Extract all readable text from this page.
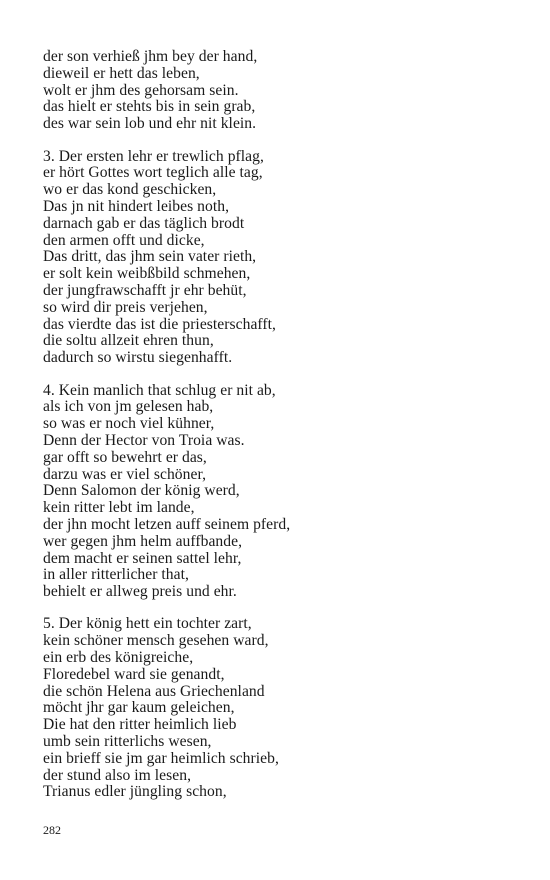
der son verhieß jhm bey der hand,
dieweil er hett das leben,
wolt er jhm des gehorsam sein.
das hielt er stehts bis in sein grab,
des war sein lob und ehr nit klein.
3. Der ersten lehr er trewlich pflag,
er hört Gottes wort teglich alle tag,
wo er das kond geschicken,
Das jn nit hindert leibes noth,
darnach gab er das täglich brodt
den armen offt und dicke,
Das dritt, das jhm sein vater rieth,
er solt kein weibßbild schmehen,
der jungfrawschafft jr ehr behüt,
so wird dir preis verjehen,
das vierdte das ist die priesterschafft,
die soltu allzeit ehren thun,
dadurch so wirstu siegenhafft.
4. Kein manlich that schlug er nit ab,
als ich von jm gelesen hab,
so was er noch viel kühner,
Denn der Hector von Troia was.
gar offt so bewehrt er das,
darzu was er viel schöner,
Denn Salomon der könig werd,
kein ritter lebt im lande,
der jhn mocht letzen auff seinem pferd,
wer gegen jhm helm auffbande,
dem macht er seinen sattel lehr,
in aller ritterlicher that,
behielt er allweg preis und ehr.
5. Der könig hett ein tochter zart,
kein schöner mensch gesehen ward,
ein erb des königreiche,
Floredebel ward sie genandt,
die schön Helena aus Griechenland
möcht jhr gar kaum geleichen,
Die hat den ritter heimlich lieb
umb sein ritterlichs wesen,
ein brieff sie jm gar heimlich schrieb,
der stund also im lesen,
Trianus edler jüngling schon,
282
